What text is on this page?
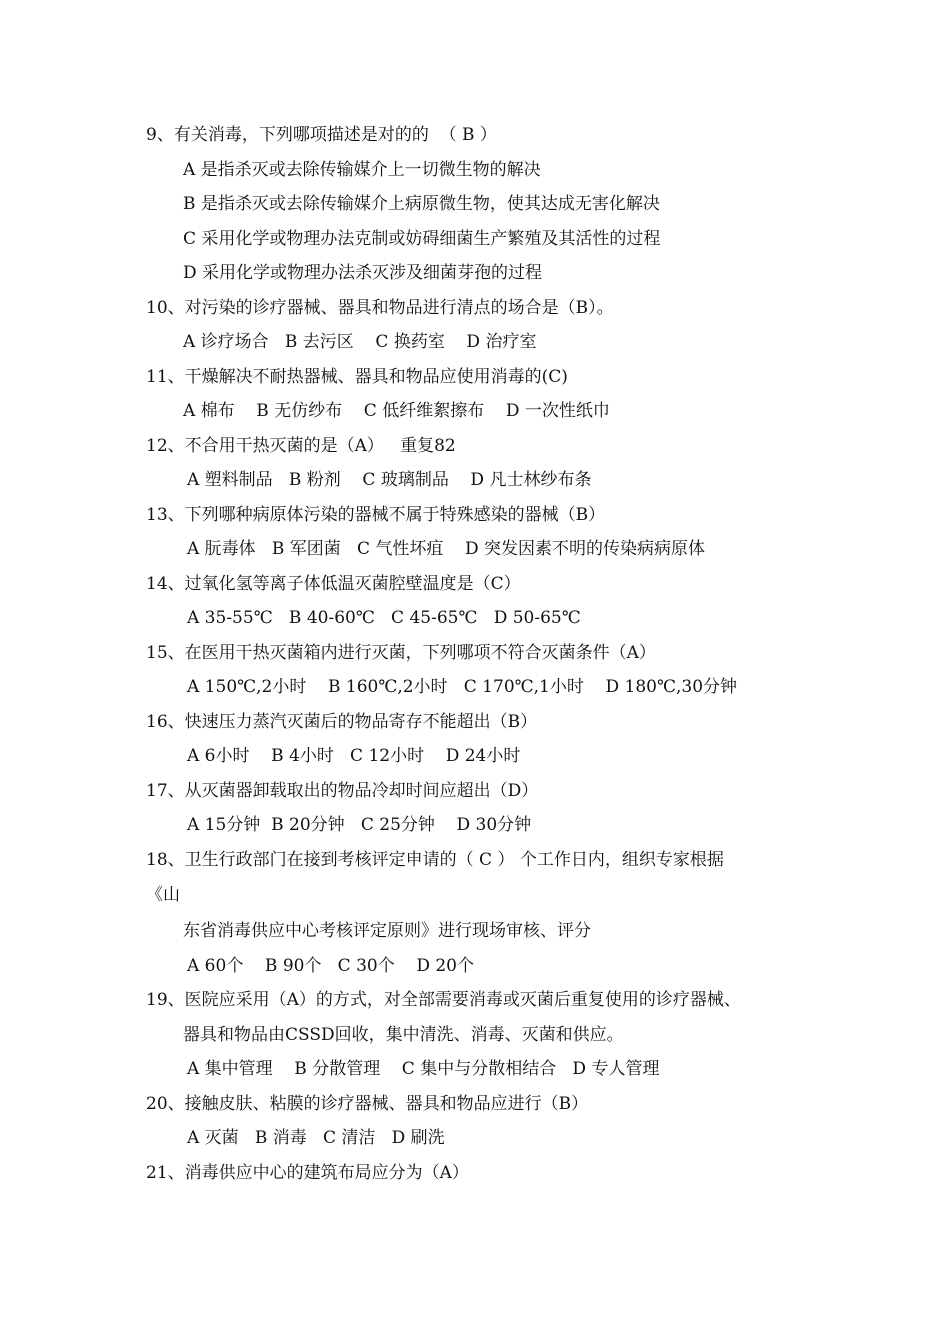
9、有关消毒，下列哪项描述是对的的  （ B ）
A 是指杀灭或去除传输媒介上一切微生物的解决
B 是指杀灭或去除传输媒介上病原微生物，使其达成无害化解决
C 采用化学或物理办法克制或妨碍细菌生产繁殖及其活性的过程
D 采用化学或物理办法杀灭涉及细菌芽孢的过程
10、对污染的诊疗器械、器具和物品进行清点的场合是（B）。
A 诊疗场合   B 去污区    C 换药室    D 治疗室
11、干燥解决不耐热器械、器具和物品应使用消毒的(C)
A 棉布    B 无仿纱布    C 低纤维絮擦布    D 一次性纸巾
12、不合用干热灭菌的是（A）   重复82
A 塑料制品   B 粉剂    C 玻璃制品    D 凡士林纱布条
13、下列哪种病原体污染的器械不属于特殊感染的器械（B）
A 朊毒体   B 军团菌   C 气性坏疽    D 突发因素不明的传染病病原体
14、过氧化氢等离子体低温灭菌腔壁温度是（C）
A 35-55℃   B 40-60℃   C 45-65℃   D 50-65℃
15、在医用干热灭菌箱内进行灭菌，下列哪项不符合灭菌条件（A）
A 150℃,2小时    B 160℃,2小时   C 170℃,1小时    D 180℃,30分钟
16、快速压力蒸汽灭菌后的物品寄存不能超出（B）
A 6小时    B 4小时   C 12小时    D 24小时
17、从灭菌器卸载取出的物品冷却时间应超出（D）
A 15分钟  B 20分钟   C 25分钟    D 30分钟
18、卫生行政部门在接到考核评定申请的（ C ） 个工作日内，组织专家根据
《山
东省消毒供应中心考核评定原则》进行现场审核、评分
A 60个    B 90个   C 30个    D 20个
19、医院应采用（A）的方式，对全部需要消毒或灭菌后重复使用的诊疗器械、
器具和物品由CSSD回收，集中清洗、消毒、灭菌和供应。
A 集中管理    B 分散管理    C 集中与分散相结合   D 专人管理
20、接触皮肤、粘膜的诊疗器械、器具和物品应进行（B）
A 灭菌   B 消毒   C 清洁   D 刷洗
21、消毒供应中心的建筑布局应分为（A）
